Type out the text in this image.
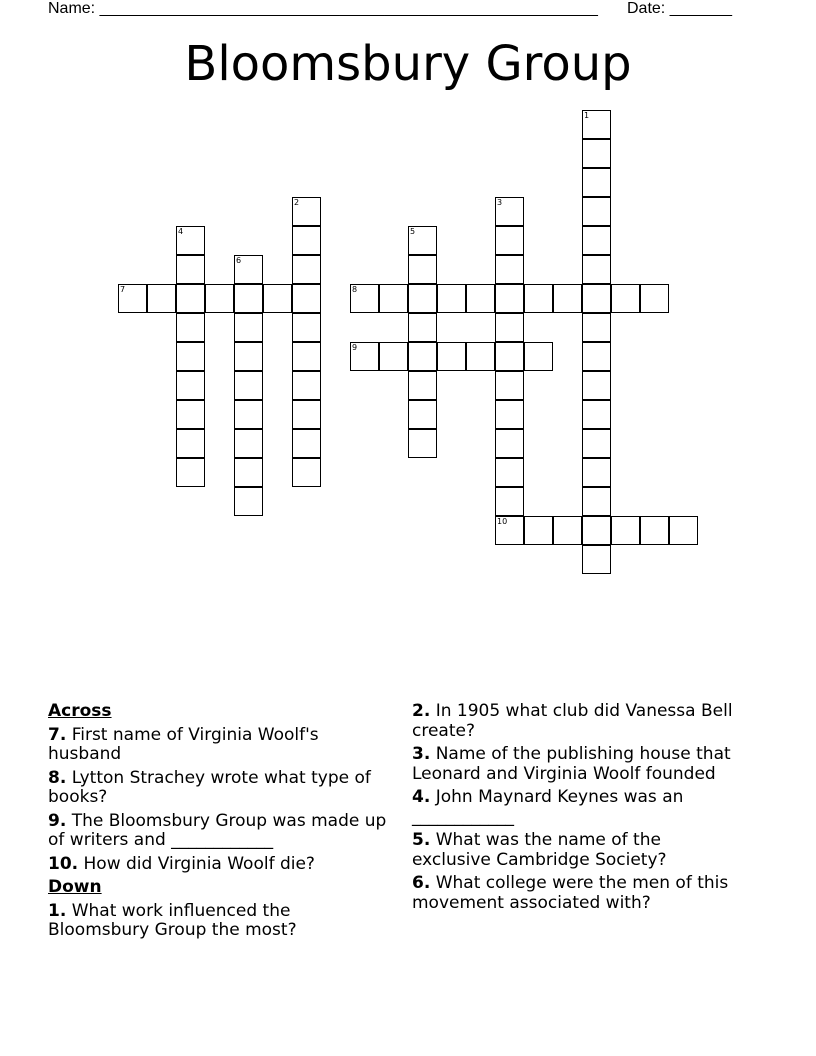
Name: ________________________________________________________ Date: _______
Bloomsbury Group
1
2	3
10
4	5
6
7	8
9
Across
7. First name of Virginia Woolf's husband
8. Lytton Strachey wrote what type of books?
9. The Bloomsbury Group was made up of writers and ____________
10. How did Virginia Woolf die?
Down
1. What work influenced the Bloomsbury Group the most?
2. In 1905 what club did Vanessa Bell create?
3. Name of the publishing house that Leonard and Virginia Woolf founded
4. John Maynard Keynes was an ____________
5. What was the name of the exclusive Cambridge Society?
6. What college were the men of this movement associated with?
